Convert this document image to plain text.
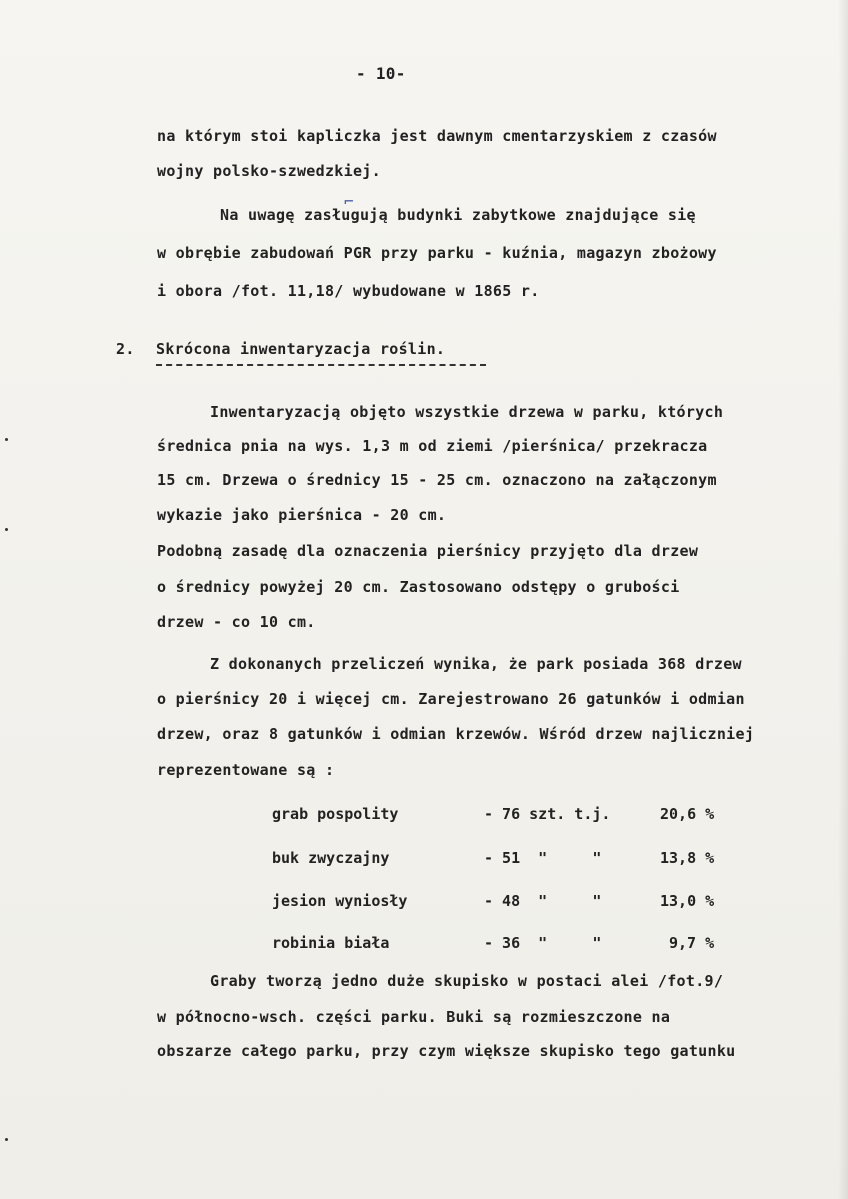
- 10-
na którym stoi kapliczka jest dawnym cmentarzyskiem z czasów
wojny polsko-szwedzkiej.
Na uwagę zasługują budynki zabytkowe znajdujące się
w obrębie zabudowań PGR przy parku - kuźnia, magazyn zbożowy
i obora /fot. 11,18/ wybudowane w 1865 r.
⌐
2. Skrócona inwentaryzacja roślin.
Inwentaryzacją objęto wszystkie drzewa w parku, których
średnica pnia na wys. 1,3 m od ziemi /pierśnica/ przekracza
15 cm. Drzewa o średnicy 15 - 25 cm. oznaczono na załączonym
wykazie jako pierśnica - 20 cm.
Podobną zasadę dla oznaczenia pierśnicy przyjęto dla drzew
o średnicy powyżej 20 cm. Zastosowano odstępy o grubości
drzew - co 10 cm.
Z dokonanych przeliczeń wynika, że park posiada 368 drzew
o pierśnicy 20 i więcej cm. Zarejestrowano 26 gatunków i odmian
drzew, oraz 8 gatunków i odmian krzewów. Wśród drzew najliczniej
reprezentowane są :
grab pospolity	- 76 szt. t.j.	20,6 %
buk zwyczajny	- 51  "     "	13,8 %
jesion wyniosły	- 48  "     "	13,0 %
robinia biała	- 36  "     "	9,7 %
Graby tworzą jedno duże skupisko w postaci alei /fot.9/
w północno-wsch. części parku. Buki są rozmieszczone na
obszarze całego parku, przy czym większe skupisko tego gatunku
